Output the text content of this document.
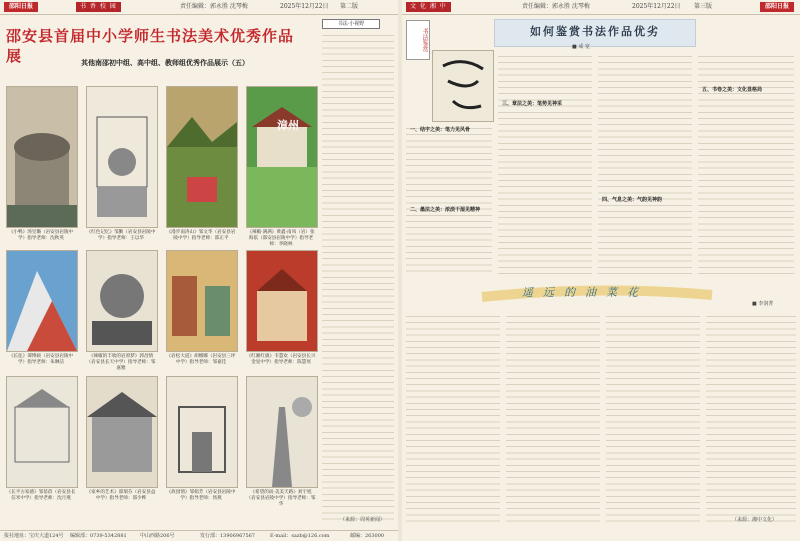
邵阳日报	书 香 校 园	责任编辑：郭永胜 沈琴梅	2025年12月22日 第二版
邵安县首届中小学师生书法美术优秀作品展	其他南邵初中组、高中组、教师组优秀作品展示（五）
书法·小视野
（来源：周英新闻）
《小鸭》汤昱璐（岩安县岩陵中学）指导老师：沈秋英
《红色记忆》邹勤（岩安县岩陵中学）指导老师：王以华
《漫步南涛山》邹文华（岩安县岩陵中学）指导老师：邵正平
漳州
《辣椒·满满》黄鑫·南凤（岩）张海依（邵安县岩陵中学）指导老师：李晓林
《长征》谭博硕（岩安县岩陵中学）指导老师：朱琳洁
《辣椒的丰收的岩原梦》郭昌情（岩安县长天中学）指导老师：邹嘉雅
《岩松大道》胡娜娜（岩安县三坪中学）指导老师：邹嘉佳
《红湘红旗》韦慧欢（岩安县长兴金星中学）指导老师：陈慧瑶
《长平古家感》邹蓓蓓（岩安县长信米中学）指导老师：沈月燕
《家乡的艺术》邵瑞芬（岩安县益中学）指导老师：邵少桦
《故园情》邹娟芳（岩安县岩陵中学）指导老师：汤燕
《希望的雨·美美天路》刘宇旭（岩安县岩陵中学）指导老师：邹华
报社地址：宝庆大道124号 编辑部：0739-5342881	中山西路206号	发行部：13906967567	E-mail：sazb@126.com	邮编：263000
文 化 湘 中	责任编辑：郭永胜 沈琴梅	2025年12月22日 第三版	邵阳日报
书法鉴赏	如何鉴赏书法作品优劣
■ 成 宽
一、结字之美：笔力见风骨
二、墨法之美：浓淡干湿见精神
三、章法之美：笔势见神采
四、气息之美：气韵见神韵
五、书卷之美：文化显格局
遥远的油菜花
■ 李润菁
（来源：湘中文化）
